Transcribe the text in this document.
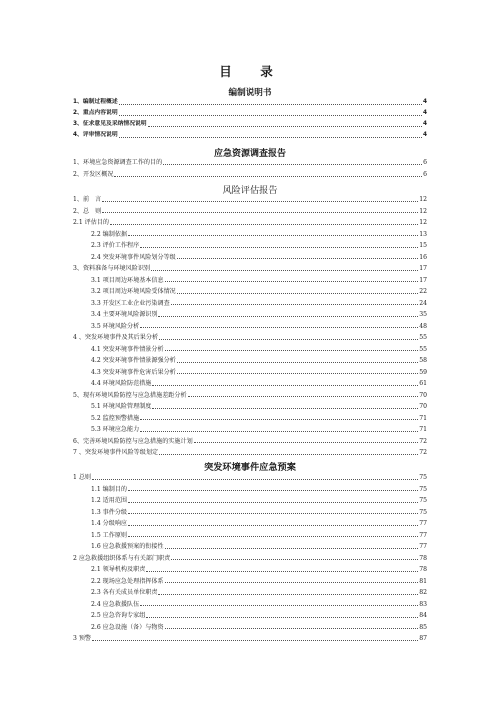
目　录
编制说明书
1、编制过程概述	4
2、重点内容说明	4
3、征求意见及采纳情况说明	4
4、评审情况说明	4
应急资源调查报告
1、环境应急资源调查工作的目的	6
2、开发区概况	6
风险评估报告
1、前　言	12
2、总　则	12
2.1 评估目的	12
2.2 编制依据	13
2.3 评价工作程序	15
2.4 突发环境事件风险划分等级	16
3、资料准备与环境风险识别	17
3.1 项目周边环境基本信息	17
3.2 项目周边环境风险受体情况	22
3.3 开发区工业企业污染调查	24
3.4 主要环境风险源识别	35
3.5 环境风险分析	48
4 、突发环境事件及其后果分析	55
4.1 突发环境事件情景分析	55
4.2 突发环境事件情景源强分析	58
4.3 突发环境事件危害后果分析	59
4.4 环境风险防范措施	61
5、现有环境风险防控与应急措施差距分析	70
5.1 环境风险管理制度	70
5.2 监控预警措施	71
5.3 环境应急能力	71
6、完善环境风险防控与应急措施的实施计划	72
7 、突发环境事件风险等级划定	72
突发环境事件应急预案
1 总则	75
1.1 编制目的	75
1.2 适用范围	75
1.3 事件分级	75
1.4 分级响应	77
1.5 工作原则	77
1.6 应急救援预案的衔接性	77
2 应急救援组织体系与有关部门职责	78
2.1 领导机构及职责	78
2.2 现场应急处理指挥体系	81
2.3 各有关成员单位职责	82
2.4 应急救援队伍	83
2.5 应急咨询专家组	84
2.6 应急设施（备）与物资	85
3 预警	87
